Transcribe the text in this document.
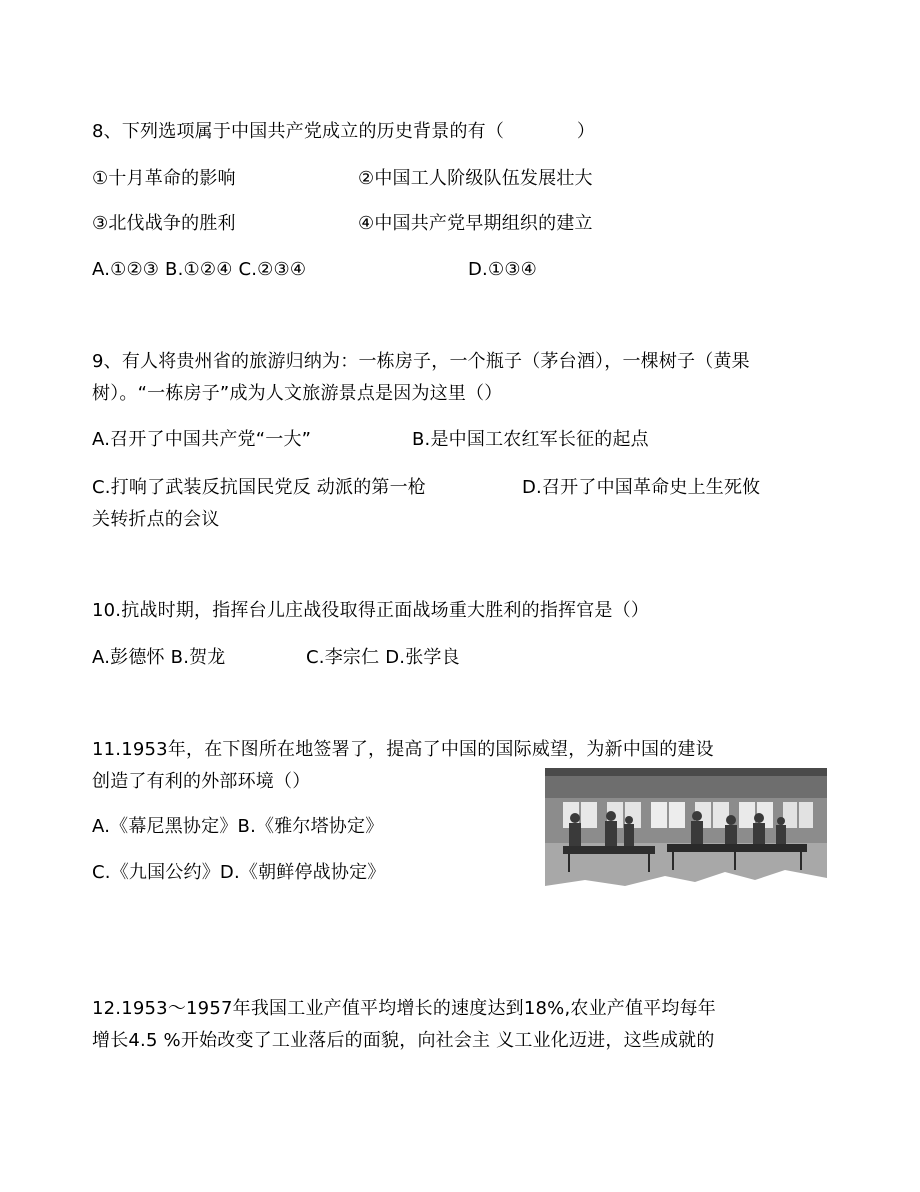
8、下列选项属于中国共产党成立的历史背景的有（　　　　）
①十月革命的影响	②中国工人阶级队伍发展壮大
③北伐战争的胜利	④中国共产党早期组织的建立
A.①②③ B.①②④ C.②③④	D.①③④
9、有人将贵州省的旅游归纳为：一栋房子，一个瓶子（茅台酒），一棵树子（黄果
树）。“一栋房子”成为人文旅游景点是因为这里（）
A.召开了中国共产党“一大”	B.是中国工农红军长征的起点
C.打响了武装反抗国民党反 动派的第一枪	D.召开了中国革命史上生死攸
关转折点的会议
10.抗战时期，指挥台儿庄战役取得正面战场重大胜利的指挥官是（）
A.彭德怀 B.贺龙	C.李宗仁 D.张学良
11.1953年，在下图所在地签署了，提高了中国的国际威望，为新中国的建设
创造了有利的外部环境（）
A.《幕尼黑协定》B.《雅尔塔协定》
C.《九国公约》D.《朝鲜停战协定》
12.1953～1957年我国工业产值平均增长的速度达到18%,农业产值平均每年
增长4.5 %开始改变了工业落后的面貌，向社会主 义工业化迈进，这些成就的
